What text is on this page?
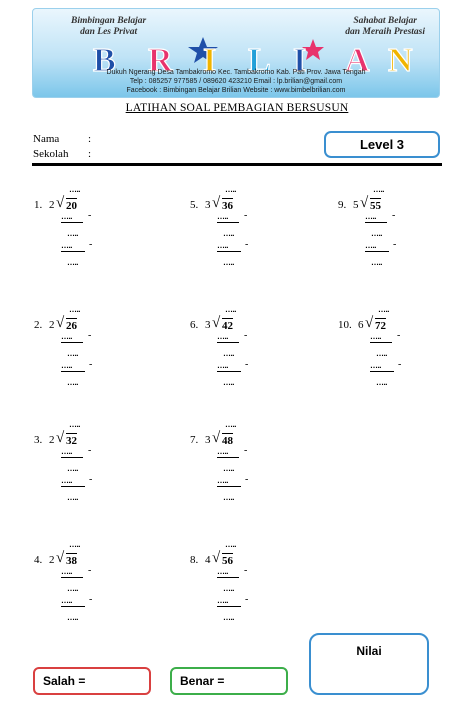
Bimbingan Belajar
dan Les Privat
Sahabat Belajar
dan Meraih Prestasi
B R I L I A N
Dukuh Ngerang Desa Tambakromo Kec. Tambakromo Kab. Pati Prov. Jawa Tengah
Telp : 085257 977585 / 089620 423210 Email : lp.brilian@gmail.com
Facebook : Bimbingan Belajar Brilian Website : www.bimbelbrilian.com
LATIHAN SOAL PEMBAGIAN BERSUSUN
Nama	:
Sekolah :
Level 3
…..
1. 2 √ 20
…..	-
…..
…..	-
…..
…..
5. 3 √ 36
…..	-
…..
…..	-
…..
…..
9. 5 √ 55
…..	-
…..
…..	-
…..
…..
2. 2 √ 26
…..	-
…..
…..	-
…..
…..
6. 3 √ 42
…..	-
…..
…..	-
…..
…..
10. 6 √ 72
…..	-
…..
…..	-
…..
…..
3. 2 √ 32
…..	-
…..
…..	-
…..
…..
7. 3 √ 48
…..	-
…..
…..	-
…..
…..
4. 2 √ 38
…..	-
…..
…..	-
…..
…..
8. 4 √ 56
…..	-
…..
…..	-
…..
Nilai
Salah =	Benar =
